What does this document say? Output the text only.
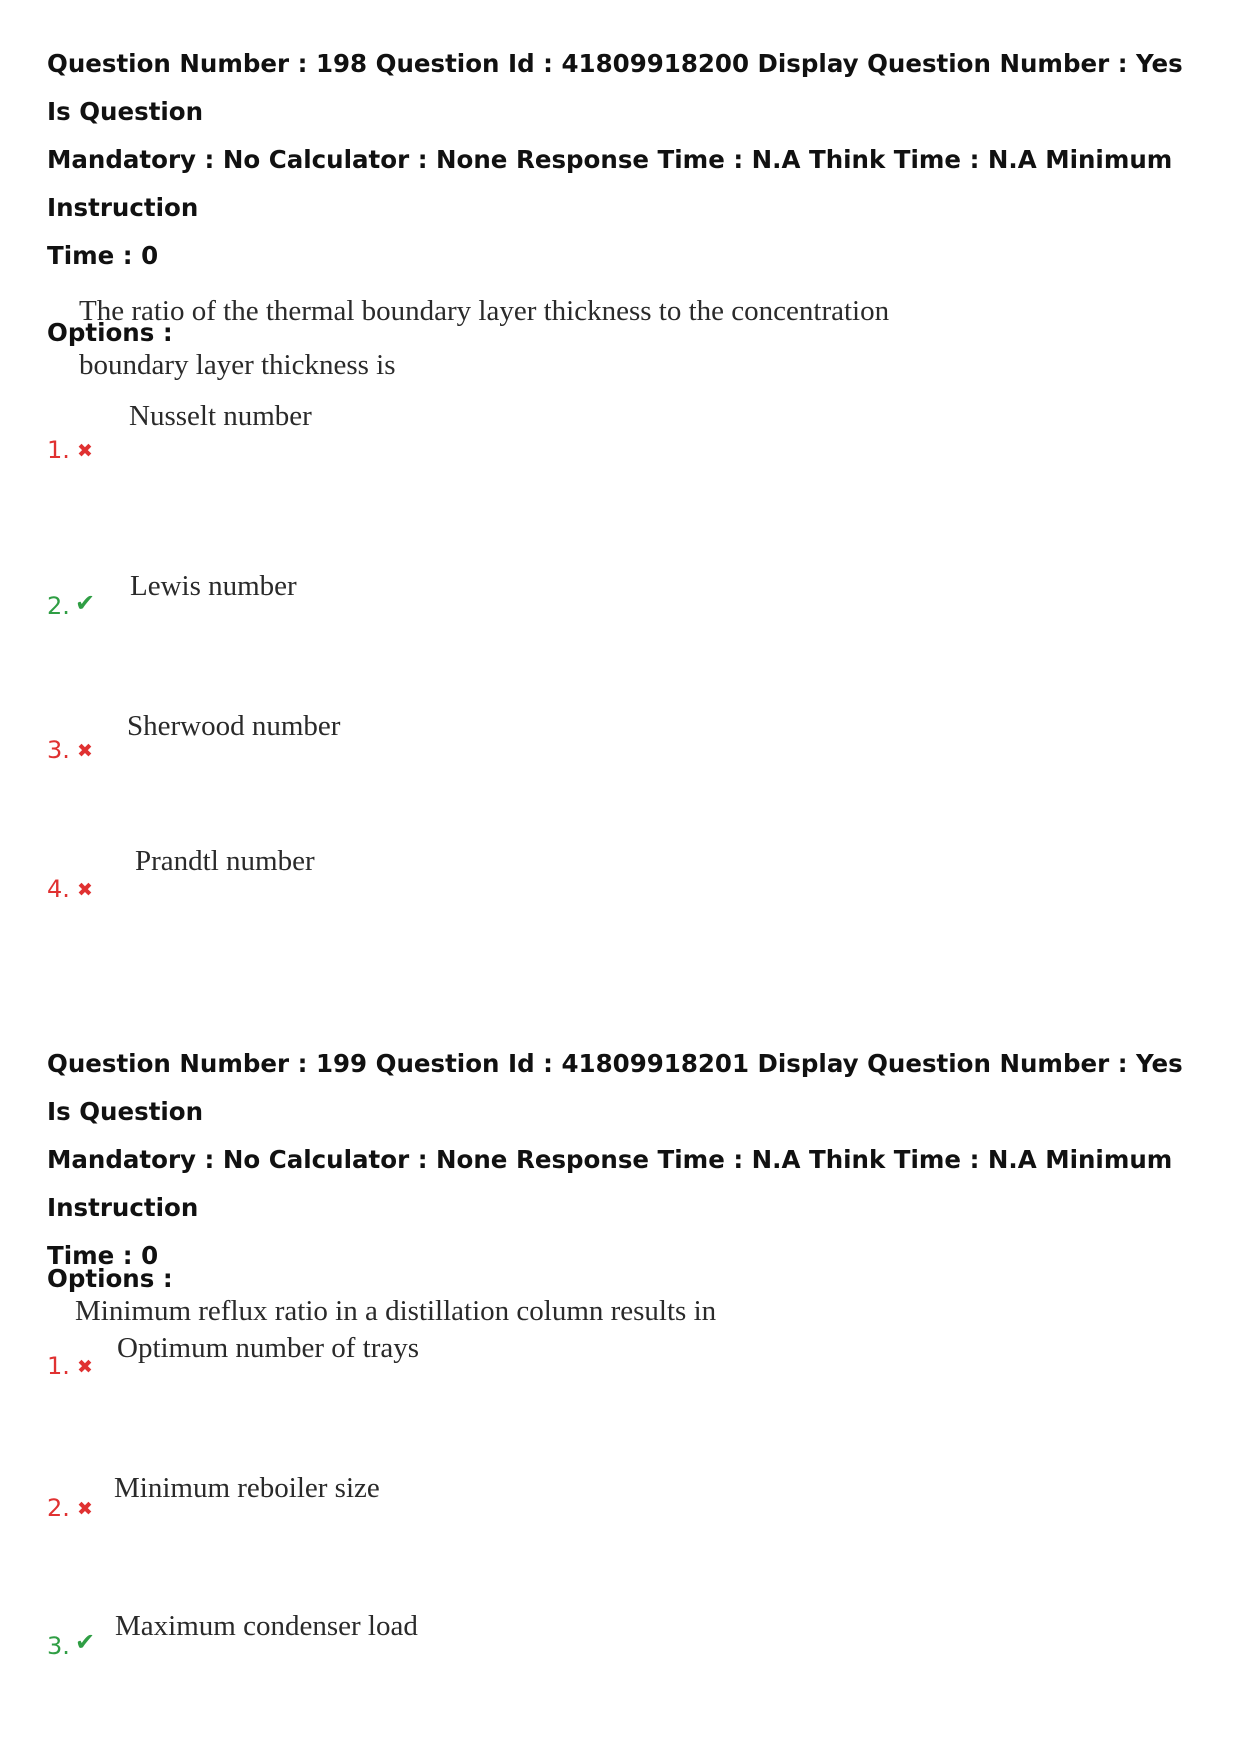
Question Number : 198 Question Id : 41809918200 Display Question Number : Yes Is Question
Mandatory : No Calculator : None Response Time : N.A Think Time : N.A Minimum Instruction
Time : 0
The ratio of the thermal boundary layer thickness to the concentration boundary layer thickness is
Options :
1. ✖
Nusselt number
2. ✔
Lewis number
3. ✖
Sherwood number
4. ✖
Prandtl number
Question Number : 199 Question Id : 41809918201 Display Question Number : Yes Is Question
Mandatory : No Calculator : None Response Time : N.A Think Time : N.A Minimum Instruction
Time : 0
Minimum reflux ratio in a distillation column results in
Options :
1. ✖
Optimum number of trays
2. ✖
Minimum reboiler size
3. ✔ Maximum condenser load
